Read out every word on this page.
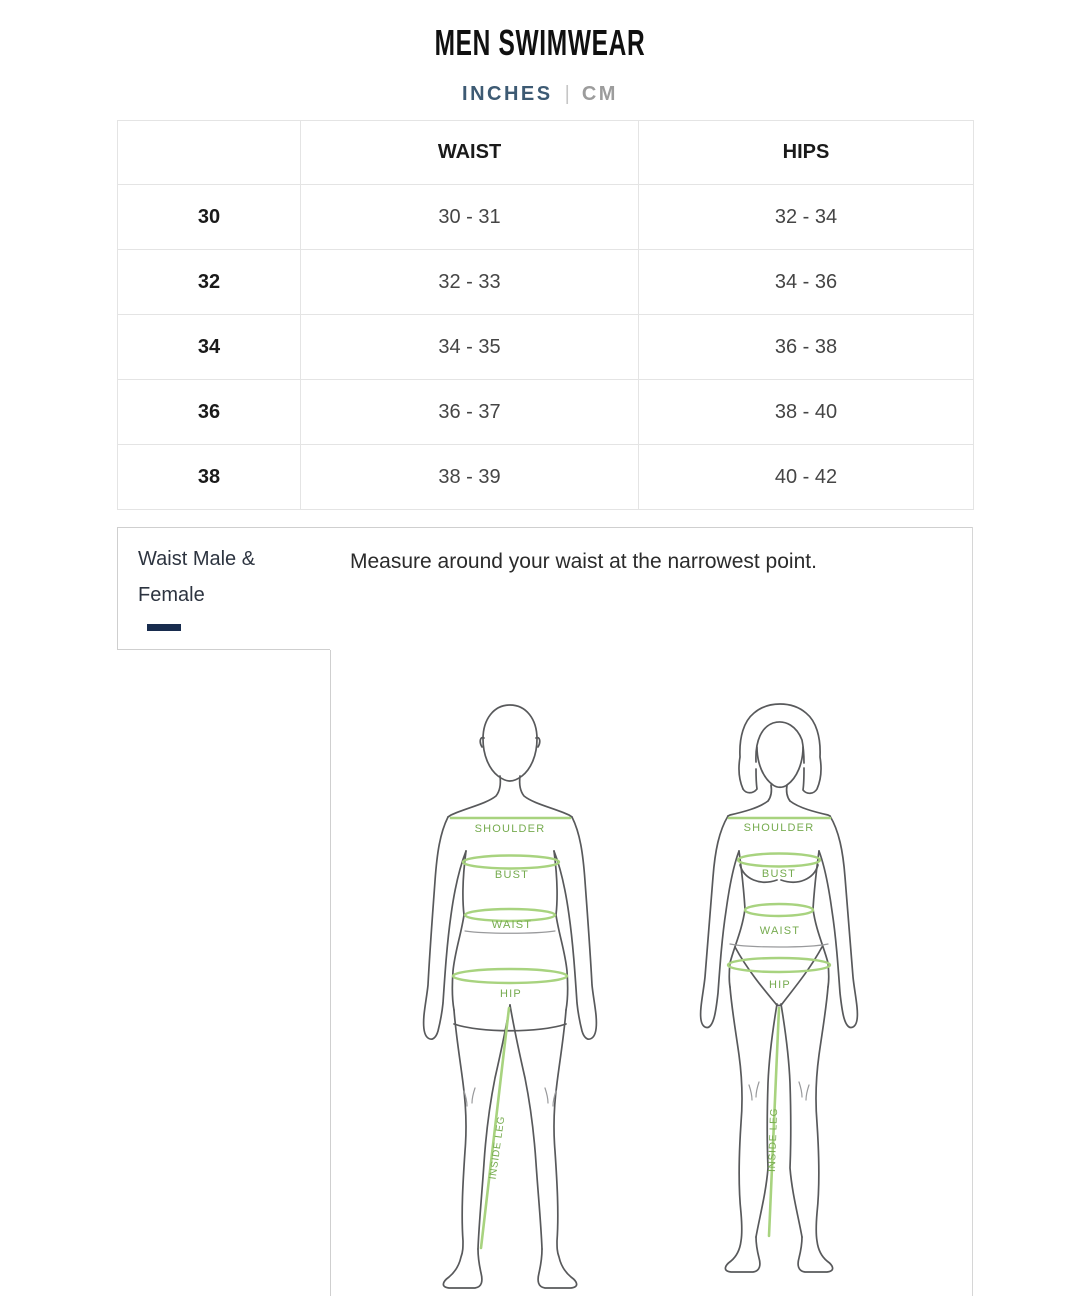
MEN SWIMWEAR
INCHES | CM
	WAIST	HIPS
30	30 - 31	32 - 34
32	32 - 33	34 - 36
34	34 - 35	36 - 38
36	36 - 37	38 - 40
38	38 - 39	40 - 42
Waist Male & Female
Measure around your waist at the narrowest point.
SHOULDER
BUST
WAIST
HIP
INSIDE LEG
SHOULDER
BUST
WAIST
HIP
INSIDE LEG
